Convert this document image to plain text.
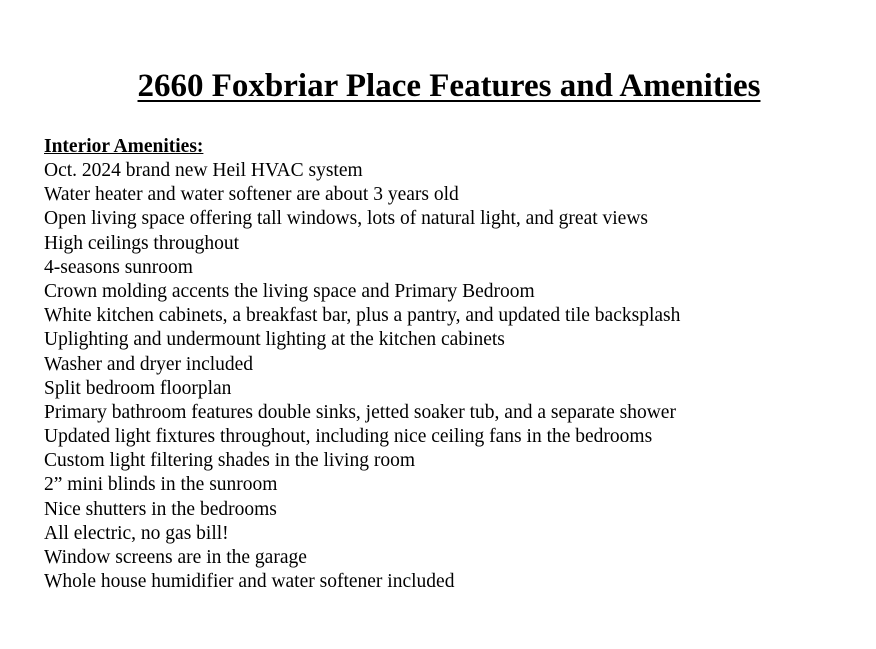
2660 Foxbriar Place Features and Amenities
Interior Amenities:
Oct. 2024 brand new Heil HVAC system
Water heater and water softener are about 3 years old
Open living space offering tall windows, lots of natural light, and great views
High ceilings throughout
4-seasons sunroom
Crown molding accents the living space and Primary Bedroom
White kitchen cabinets, a breakfast bar, plus a pantry, and updated tile backsplash
Uplighting and undermount lighting at the kitchen cabinets
Washer and dryer included
Split bedroom floorplan
Primary bathroom features double sinks, jetted soaker tub, and a separate shower
Updated light fixtures throughout, including nice ceiling fans in the bedrooms
Custom light filtering shades in the living room
2” mini blinds in the sunroom
Nice shutters in the bedrooms
All electric, no gas bill!
Window screens are in the garage
Whole house humidifier and water softener included
